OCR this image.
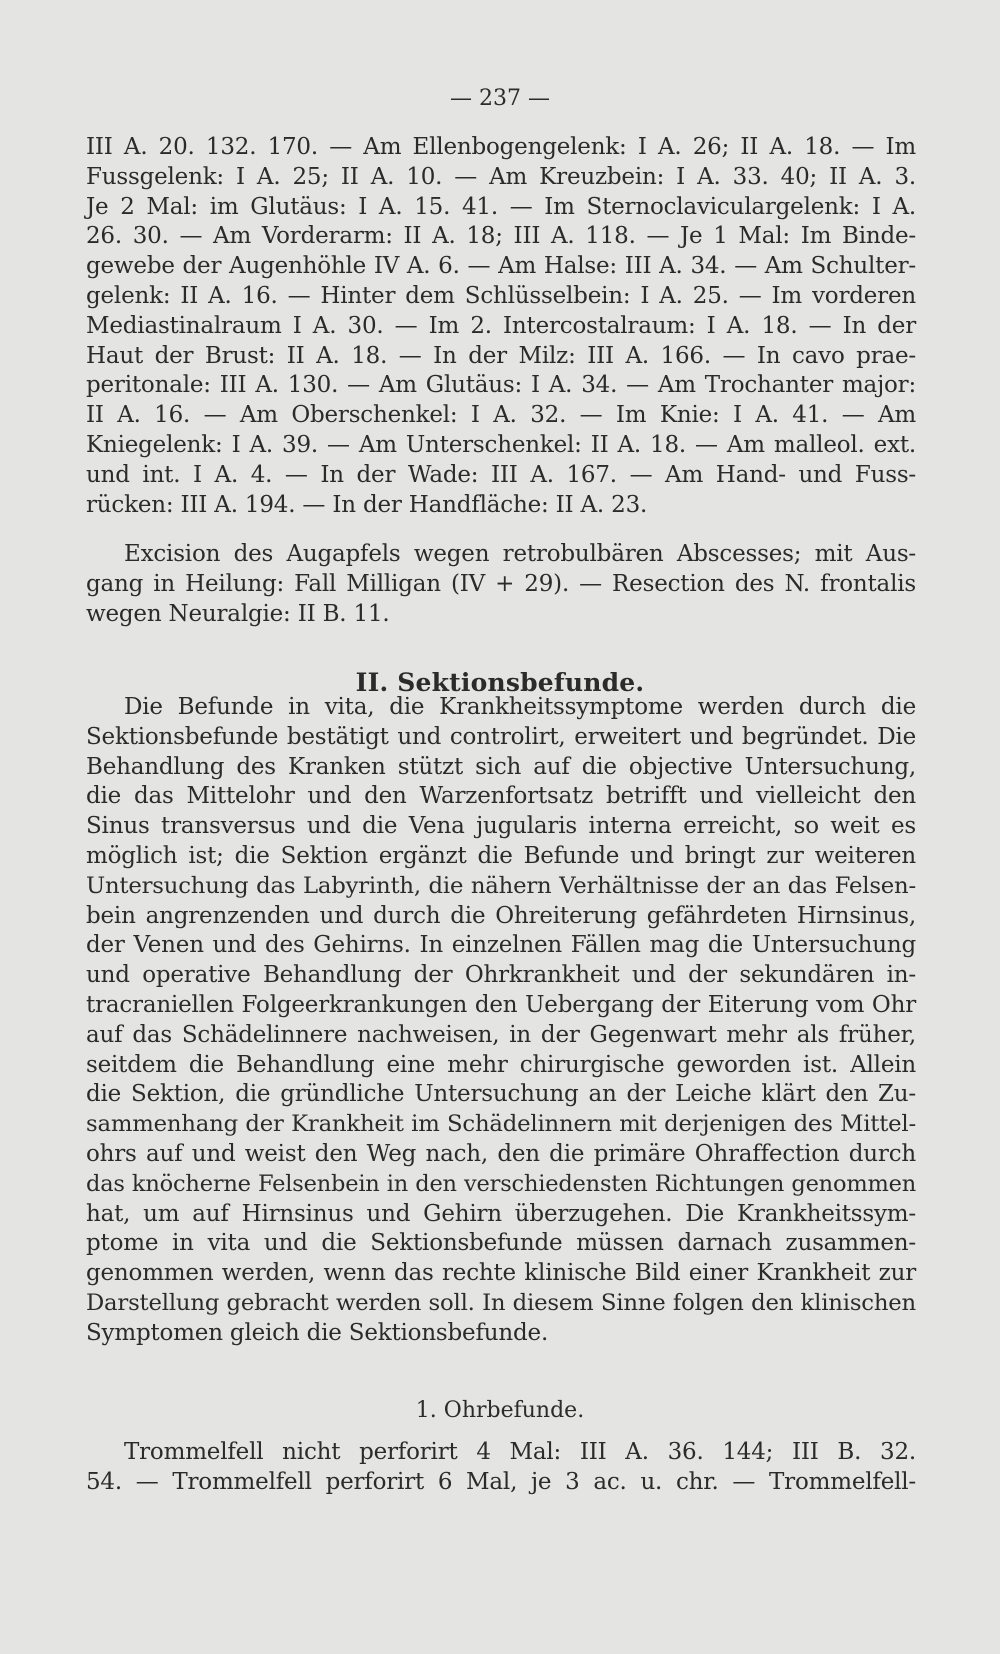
— 237 —
III A. 20. 132. 170. — Am Ellenbogengelenk: I A. 26; II A. 18. — Im
Fussgelenk: I A. 25; II A. 10. — Am Kreuzbein: I A. 33. 40; II A. 3.
Je 2 Mal: im Glutäus: I A. 15. 41. — Im Sternoclaviculargelenk: I A.
26. 30. — Am Vorderarm: II A. 18; III A. 118. — Je 1 Mal: Im Binde-
gewebe der Augenhöhle IV A. 6. — Am Halse: III A. 34. — Am Schulter-
gelenk: II A. 16. — Hinter dem Schlüsselbein: I A. 25. — Im vorderen
Mediastinalraum I A. 30. — Im 2. Intercostalraum: I A. 18. — In der
Haut der Brust: II A. 18. — In der Milz: III A. 166. — In cavo prae-
peritonale: III A. 130. — Am Glutäus: I A. 34. — Am Trochanter major:
II A. 16. — Am Oberschenkel: I A. 32. — Im Knie: I A. 41. — Am
Kniegelenk: I A. 39. — Am Unterschenkel: II A. 18. — Am malleol. ext.
und int. I A. 4. — In der Wade: III A. 167. — Am Hand- und Fuss-
rücken: III A. 194. — In der Handfläche: II A. 23.
Excision des Augapfels wegen retrobulbären Abscesses; mit Aus-
gang in Heilung: Fall Milligan (IV + 29). — Resection des N. frontalis
wegen Neuralgie: II B. 11.
II. Sektionsbefunde.
Die Befunde in vita, die Krankheitssymptome werden durch die
Sektionsbefunde bestätigt und controlirt, erweitert und begründet. Die
Behandlung des Kranken stützt sich auf die objective Untersuchung,
die das Mittelohr und den Warzenfortsatz betrifft und vielleicht den
Sinus transversus und die Vena jugularis interna erreicht, so weit es
möglich ist; die Sektion ergänzt die Befunde und bringt zur weiteren
Untersuchung das Labyrinth, die nähern Verhältnisse der an das Felsen-
bein angrenzenden und durch die Ohreiterung gefährdeten Hirnsinus,
der Venen und des Gehirns. In einzelnen Fällen mag die Untersuchung
und operative Behandlung der Ohrkrankheit und der sekundären in-
tracraniellen Folgeerkrankungen den Uebergang der Eiterung vom Ohr
auf das Schädelinnere nachweisen, in der Gegenwart mehr als früher,
seitdem die Behandlung eine mehr chirurgische geworden ist. Allein
die Sektion, die gründliche Untersuchung an der Leiche klärt den Zu-
sammenhang der Krankheit im Schädelinnern mit derjenigen des Mittel-
ohrs auf und weist den Weg nach, den die primäre Ohraffection durch
das knöcherne Felsenbein in den verschiedensten Richtungen genommen
hat, um auf Hirnsinus und Gehirn überzugehen. Die Krankheitssym-
ptome in vita und die Sektionsbefunde müssen darnach zusammen-
genommen werden, wenn das rechte klinische Bild einer Krankheit zur
Darstellung gebracht werden soll. In diesem Sinne folgen den klinischen
Symptomen gleich die Sektionsbefunde.
1. Ohrbefunde.
Trommelfell nicht perforirt 4 Mal: III A. 36. 144; III B. 32.
54. — Trommelfell perforirt 6 Mal, je 3 ac. u. chr. — Trommelfell-
